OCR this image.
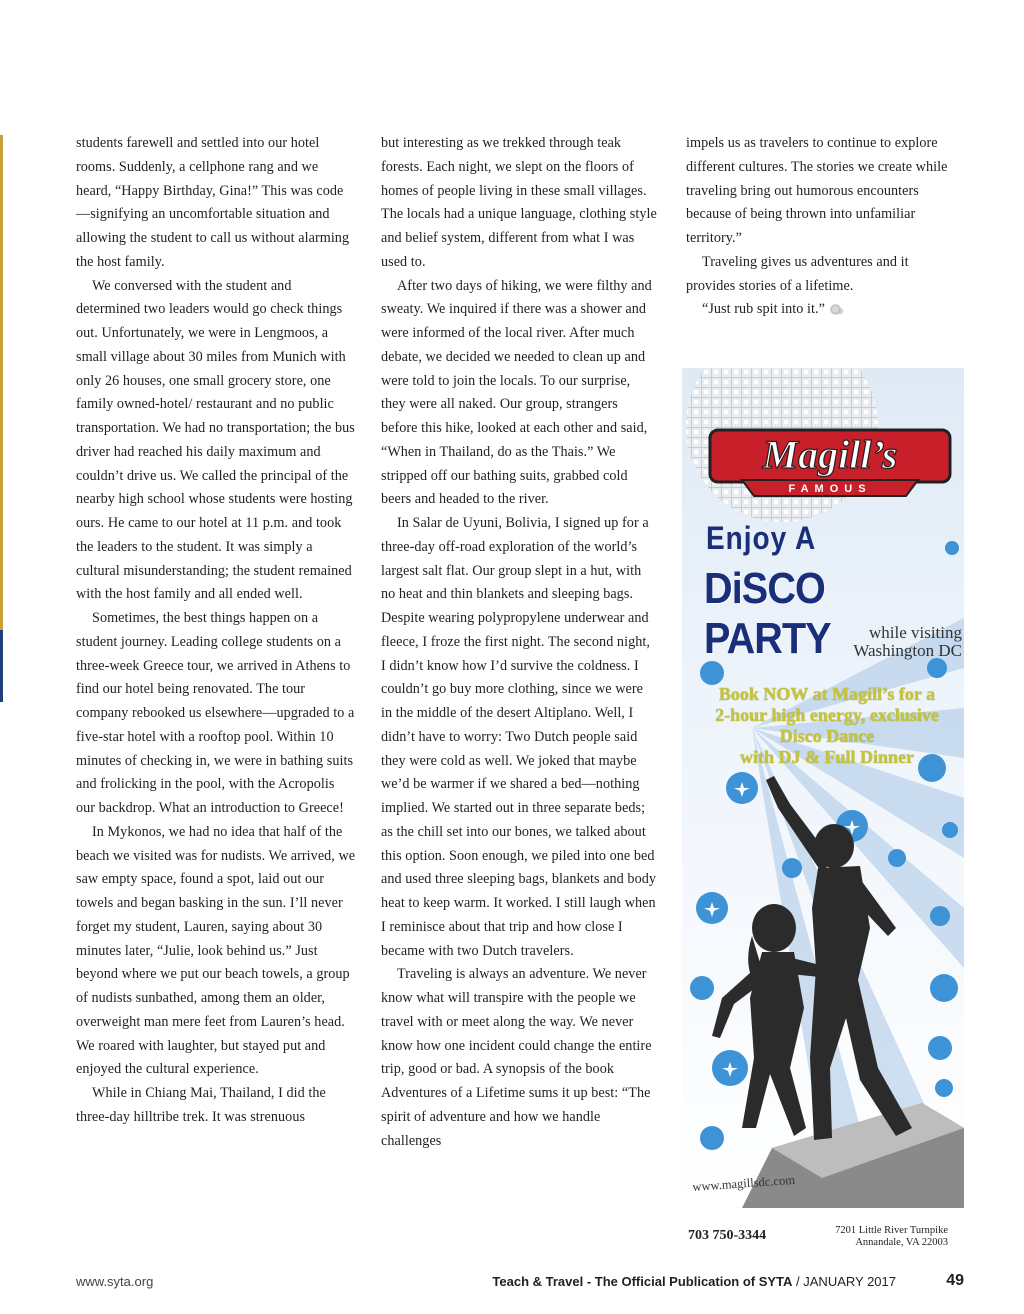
students farewell and settled into our hotel rooms. Suddenly, a cellphone rang and we heard, “Happy Birthday, Gina!” This was code—signifying an uncomfortable situation and allowing the student to call us without alarming the host family.

We conversed with the student and determined two leaders would go check things out. Unfortunately, we were in Lengmoos, a small village about 30 miles from Munich with only 26 houses, one small grocery store, one family owned-hotel/ restaurant and no public transportation. We had no transportation; the bus driver had reached his daily maximum and couldn’t drive us. We called the principal of the nearby high school whose students were hosting ours. He came to our hotel at 11 p.m. and took the leaders to the student. It was simply a cultural misunderstanding; the student remained with the host family and all ended well.

Sometimes, the best things happen on a student journey. Leading college students on a three-week Greece tour, we arrived in Athens to find our hotel being renovated. The tour company rebooked us elsewhere—upgraded to a five-star hotel with a rooftop pool. Within 10 minutes of checking in, we were in bathing suits and frolicking in the pool, with the Acropolis our backdrop. What an introduction to Greece!

In Mykonos, we had no idea that half of the beach we visited was for nudists. We arrived, we saw empty space, found a spot, laid out our towels and began basking in the sun. I’ll never forget my student, Lauren, saying about 30 minutes later, “Julie, look behind us.” Just beyond where we put our beach towels, a group of nudists sunbathed, among them an older, overweight man mere feet from Lauren’s head. We roared with laughter, but stayed put and enjoyed the cultural experience.

While in Chiang Mai, Thailand, I did the three-day hilltribe trek. It was strenuous

but interesting as we trekked through teak forests. Each night, we slept on the floors of homes of people living in these small villages. The locals had a unique language, clothing style and belief system, different from what I was used to.

After two days of hiking, we were filthy and sweaty. We inquired if there was a shower and were informed of the local river. After much debate, we decided we needed to clean up and were told to join the locals. To our surprise, they were all naked. Our group, strangers before this hike, looked at each other and said, “When in Thailand, do as the Thais.” We stripped off our bathing suits, grabbed cold beers and headed to the river.

In Salar de Uyuni, Bolivia, I signed up for a three-day off-road exploration of the world’s largest salt flat. Our group slept in a hut, with no heat and thin blankets and sleeping bags. Despite wearing polypropylene underwear and fleece, I froze the first night. The second night, I didn’t know how I’d survive the coldness. I couldn’t go buy more clothing, since we were in the middle of the desert Altiplano. Well, I didn’t have to worry: Two Dutch people said they were cold as well. We joked that maybe we’d be warmer if we shared a bed—nothing implied. We started out in three separate beds; as the chill set into our bones, we talked about this option. Soon enough, we piled into one bed and used three sleeping bags, blankets and body heat to keep warm. It worked. I still laugh when I reminisce about that trip and how close I became with two Dutch travelers.

Traveling is always an adventure. We never know what will transpire with the people we travel with or meet along the way. We never know how one incident could change the entire trip, good or bad. A synopsis of the book Adventures of a Lifetime sums it up best: “The spirit of adventure and how we handle challenges

impels us as travelers to continue to explore different cultures. The stories we create while traveling bring out humorous encounters because of being thrown into unfamiliar territory.”

Traveling gives us adventures and it provides stories of a lifetime.

“Just rub spit into it.”

Magill’s
FAMOUS

Enjoy A

DiSCO PARTY	while visiting
Washington DC
Book NOW at Magill’s for a
2-hour high energy, exclusive
Disco Dance
with DJ & Full Dinner

www.magillsdc.com

703 750-3344	7201 Little River Turnpike

Annandale, VA 22003

www.syta.org	Teach & Travel - The Official Publication of SYTA / JANUARY 2017	49
